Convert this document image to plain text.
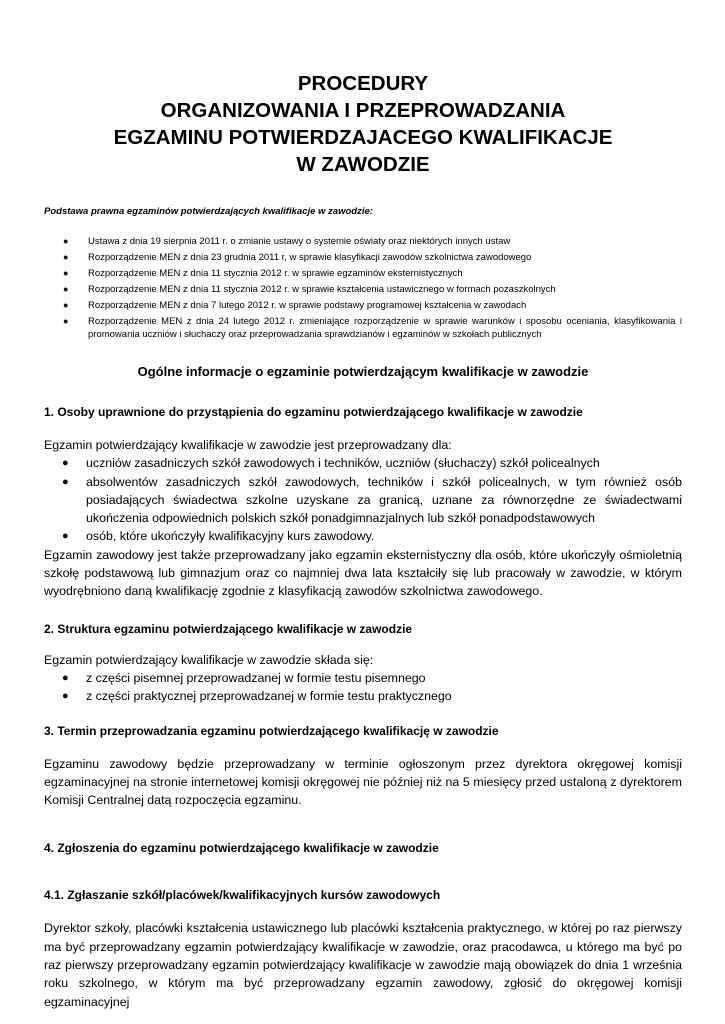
PROCEDURY
ORGANIZOWANIA I PRZEPROWADZANIA
EGZAMINU POTWIERDZAJACEGO KWALIFIKACJE
W ZAWODZIE
Podstawa prawna egzaminów potwierdzających kwalifikacje w zawodzie:
● Ustawa z dnia 19 sierpnia 2011 r. o zmianie ustawy o systemie oświaty oraz niektórych innych ustaw
● Rozporządzenie MEN z dnia 23 grudnia 2011 r, w sprawie klasyfikacji zawodów szkolnictwa zawodowego
● Rozporządzenie MEN z dnia 11 stycznia 2012 r. w sprawie egzaminów eksternistycznych
● Rozporządzenie MEN z dnia 11 stycznia 2012 r. w sprawie kształcenia ustawicznego w formach pozaszkolnych
● Rozporządzenie MEN z dnia 7 lutego 2012 r. w sprawie podstawy programowej kształcenia w zawodach
● Rozporządzenie MEN z dnia 24 lutego 2012 r. zmieniające rozporządzenie w sprawie warunków i sposobu oceniania, klasyfikowania i promowania uczniów i słuchaczy oraz przeprowadzania sprawdzianów i egzaminów w szkołach publicznych
Ogólne informacje o egzaminie potwierdzającym kwalifikacje w zawodzie
1. Osoby uprawnione do przystąpienia do egzaminu potwierdzającego kwalifikacje w zawodzie
Egzamin potwierdzający kwalifikacje w zawodzie jest przeprowadzany dla:
● uczniów zasadniczych szkół zawodowych i techników, uczniów (słuchaczy) szkół policealnych
● absolwentów zasadniczych szkół zawodowych, techników i szkół policealnych, w tym również osób posiadających świadectwa szkolne uzyskane za granicą, uznane za równorzędne ze świadectwami ukończenia odpowiednich polskich szkół ponadgimnazjalnych lub szkół ponadpodstawowych
● osób, które ukończyły kwalifikacyjny kurs zawodowy.
Egzamin zawodowy jest także przeprowadzany jako egzamin eksternistyczny dla osób, które ukończyły ośmioletnią szkołę podstawową lub gimnazjum oraz co najmniej dwa lata kształciły się lub pracowały w zawodzie, w którym wyodrębniono daną kwalifikację zgodnie z klasyfikacją zawodów szkolnictwa zawodowego.
2. Struktura egzaminu potwierdzającego kwalifikacje w zawodzie
Egzamin potwierdzający kwalifikacje w zawodzie składa się:
● z części pisemnej przeprowadzanej w formie testu pisemnego
● z części praktycznej przeprowadzanej w formie testu praktycznego
3. Termin przeprowadzania egzaminu potwierdzającego kwalifikację w zawodzie
Egzaminu zawodowy będzie przeprowadzany w terminie ogłoszonym przez dyrektora okręgowej komisji egzaminacyjnej na stronie internetowej komisji okręgowej nie później niż na 5 miesięcy przed ustaloną z dyrektorem Komisji Centralnej datą rozpoczęcia egzaminu.
4. Zgłoszenia do egzaminu potwierdzającego kwalifikacje w zawodzie
4.1. Zgłaszanie szkół/placówek/kwalifikacyjnych kursów zawodowych
Dyrektor szkoły, placówki kształcenia ustawicznego lub placówki kształcenia praktycznego, w której po raz pierwszy ma być przeprowadzany egzamin potwierdzający kwalifikacje w zawodzie, oraz pracodawca, u którego ma być po raz pierwszy przeprowadzany egzamin potwierdzający kwalifikacje w zawodzie mają obowiązek do dnia 1 września roku szkolnego, w którym ma być przeprowadzany egzamin zawodowy, zgłosić do okręgowej komisji egzaminacyjnej
